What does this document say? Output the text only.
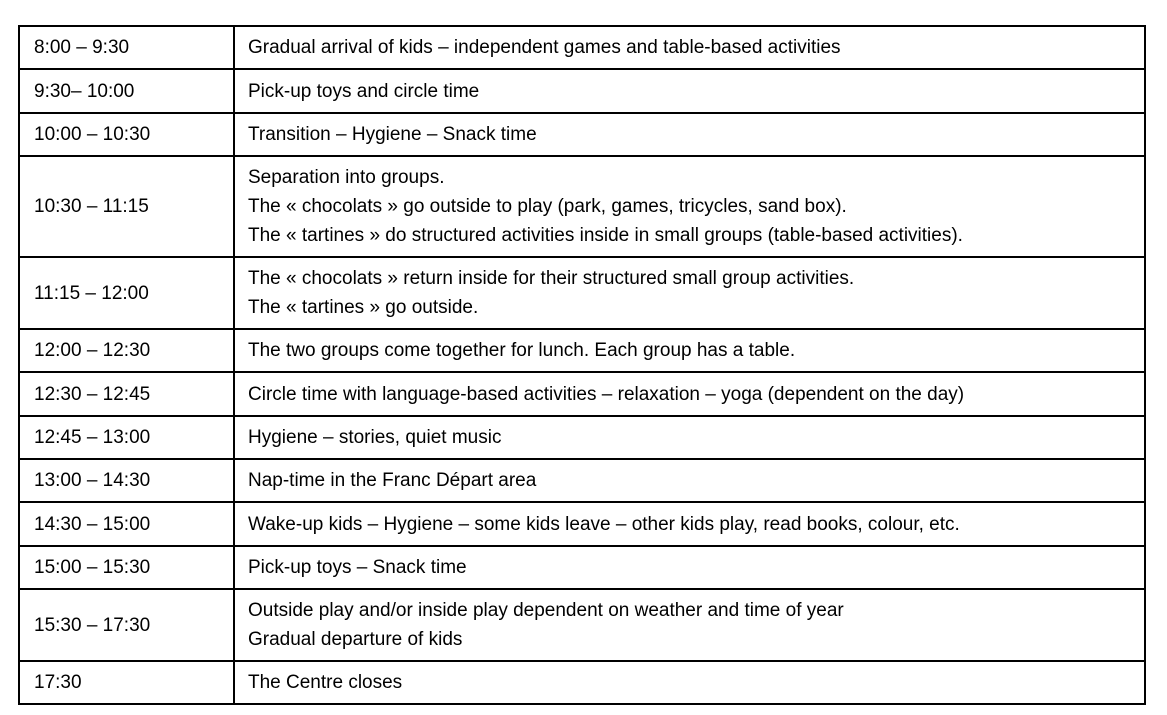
8:00 – 9:30	Gradual arrival of kids – independent games and table-based activities

9:30– 10:00	Pick-up toys and circle time

10:00 – 10:30	Transition – Hygiene – Snack time

10:30 – 11:15	Separation into groups.
The « chocolats » go outside to play (park, games, tricycles, sand box).
The « tartines » do structured activities inside in small groups (table-based activities).

11:15 – 12:00	The « chocolats » return inside for their structured small group activities.
The « tartines » go outside.

12:00 – 12:30	The two groups come together for lunch. Each group has a table.

12:30 – 12:45	Circle time with language-based activities – relaxation – yoga (dependent on the day)

12:45 – 13:00	Hygiene – stories, quiet music

13:00 – 14:30	Nap-time in the Franc Départ area

14:30 – 15:00	Wake-up kids – Hygiene – some kids leave – other kids play, read books, colour, etc.

15:00 – 15:30	Pick-up toys – Snack time

15:30 – 17:30	Outside play and/or inside play dependent on weather and time of year
Gradual departure of kids

17:30	The Centre closes
